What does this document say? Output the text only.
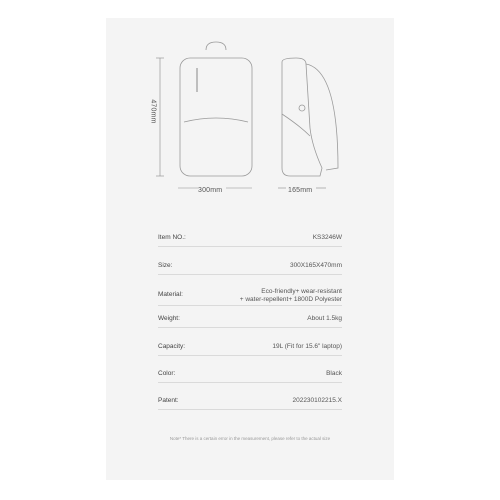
300mm	165mm
470mm
Item NO.:	KS3246W
Size:	300X165X470mm
Material:	Eco-friendly+ wear-resistant
+ water-repellent+ 1800D Polyester
Weight:	About 1.5kg
Capacity:	19L (Fit for 15.6" laptop)
Color:	Black
Patent:	202230102215.X
Note* There is a certain error in the measurement, please refer to the actual size
